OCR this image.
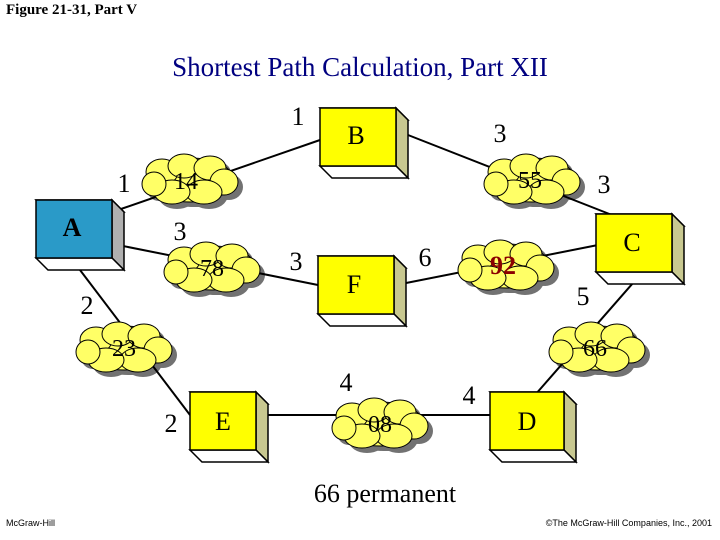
Figure 21-31, Part V
Shortest Path Calculation, Part XII
B
A
C
F
E	D
14	55
78	92
23	66
08
1
1
3
3
3
3	6
5
2
2
4	4
66 permanent
McGraw-Hill	©The McGraw-Hill Companies, Inc., 2001
